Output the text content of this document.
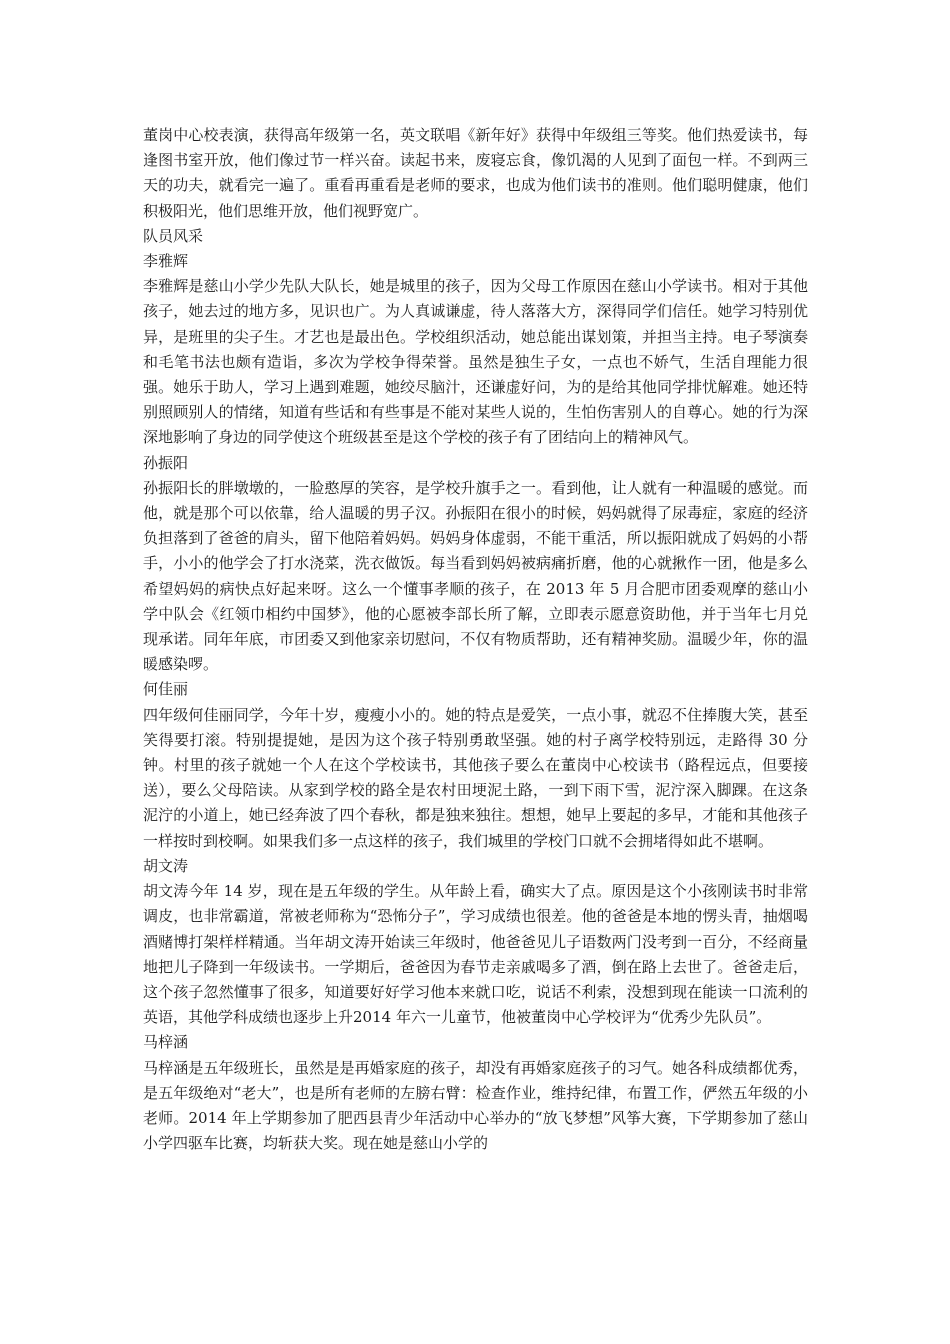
董岗中心校表演，获得高年级第一名，英文联唱《新年好》获得中年级组三等奖。他们热爱读书，每逢图书室开放，他们像过节一样兴奋。读起书来，废寝忘食，像饥渴的人见到了面包一样。不到两三天的功夫，就看完一遍了。重看再重看是老师的要求，也成为他们读书的准则。他们聪明健康，他们积极阳光，他们思维开放，他们视野宽广。

队员风采

李雅辉

李雅辉是慈山小学少先队大队长，她是城里的孩子，因为父母工作原因在慈山小学读书。相对于其他孩子，她去过的地方多，见识也广。为人真诚谦虚，待人落落大方，深得同学们信任。她学习特别优异，是班里的尖子生。才艺也是最出色。学校组织活动，她总能出谋划策，并担当主持。电子琴演奏和毛笔书法也颇有造诣，多次为学校争得荣誉。虽然是独生子女，一点也不娇气，生活自理能力很强。她乐于助人，学习上遇到难题，她绞尽脑汁，还谦虚好问，为的是给其他同学排忧解难。她还特别照顾别人的情绪，知道有些话和有些事是不能对某些人说的，生怕伤害别人的自尊心。她的行为深深地影响了身边的同学使这个班级甚至是这个学校的孩子有了团结向上的精神风气。

孙振阳

孙振阳长的胖墩墩的，一脸憨厚的笑容，是学校升旗手之一。看到他，让人就有一种温暖的感觉。而他，就是那个可以依靠，给人温暖的男子汉。孙振阳在很小的时候，妈妈就得了尿毒症，家庭的经济负担落到了爸爸的肩头，留下他陪着妈妈。妈妈身体虚弱，不能干重活，所以振阳就成了妈妈的小帮手，小小的他学会了打水浇菜，洗衣做饭。每当看到妈妈被病痛折磨，他的心就揪作一团，他是多么希望妈妈的病快点好起来呀。这么一个懂事孝顺的孩子，在 2013 年 5 月合肥市团委观摩的慈山小学中队会《红领巾相约中国梦》，他的心愿被李部长所了解，立即表示愿意资助他，并于当年七月兑现承诺。同年年底，市团委又到他家亲切慰问，不仅有物质帮助，还有精神奖励。温暖少年，你的温暖感染啰。

何佳丽

四年级何佳丽同学，今年十岁，瘦瘦小小的。她的特点是爱笑，一点小事，就忍不住捧腹大笑，甚至笑得要打滚。特别提提她，是因为这个孩子特别勇敢坚强。她的村子离学校特别远，走路得 30 分钟。村里的孩子就她一个人在这个学校读书，其他孩子要么在董岗中心校读书（路程远点，但要接送），要么父母陪读。从家到学校的路全是农村田埂泥土路，一到下雨下雪，泥泞深入脚踝。在这条泥泞的小道上，她已经奔波了四个春秋，都是独来独往。想想，她早上要起的多早，才能和其他孩子一样按时到校啊。如果我们多一点这样的孩子，我们城里的学校门口就不会拥堵得如此不堪啊。

胡文涛

胡文涛今年 14 岁，现在是五年级的学生。从年龄上看，确实大了点。原因是这个小孩刚读书时非常调皮，也非常霸道，常被老师称为“恐怖分子”，学习成绩也很差。他的爸爸是本地的愣头青，抽烟喝酒赌博打架样样精通。当年胡文涛开始读三年级时，他爸爸见儿子语数两门没考到一百分，不经商量地把儿子降到一年级读书。一学期后，爸爸因为春节走亲戚喝多了酒，倒在路上去世了。爸爸走后，这个孩子忽然懂事了很多，知道要好好学习他本来就口吃，说话不利索，没想到现在能读一口流利的英语，其他学科成绩也逐步上升2014 年六一儿童节，他被董岗中心学校评为“优秀少先队员”。

马梓涵

马梓涵是五年级班长，虽然是是再婚家庭的孩子，却没有再婚家庭孩子的习气。她各科成绩都优秀，是五年级绝对“老大”，也是所有老师的左膀右臂：检查作业，维持纪律，布置工作，俨然五年级的小老师。2014 年上学期参加了肥西县青少年活动中心举办的“放飞梦想”风筝大赛，下学期参加了慈山小学四驱车比赛，均斩获大奖。现在她是慈山小学的
